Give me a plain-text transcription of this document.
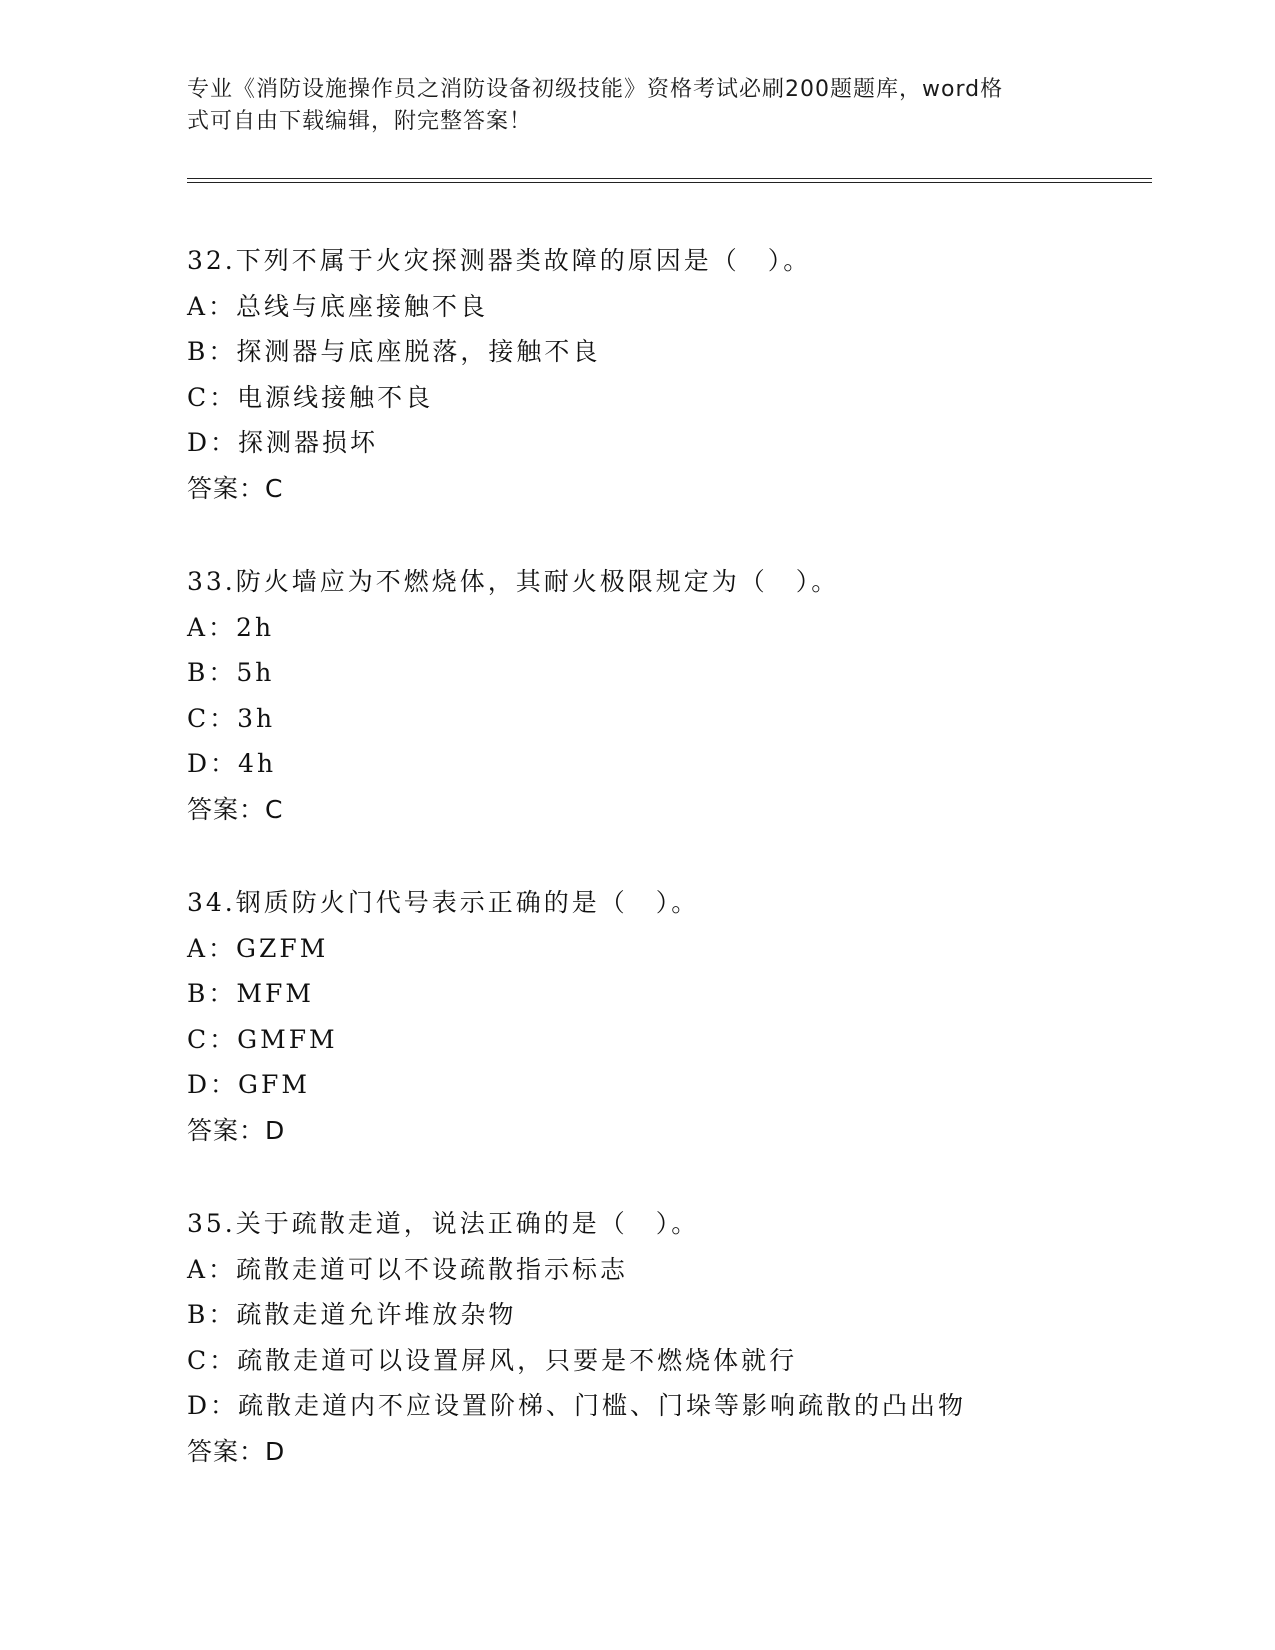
专业《消防设施操作员之消防设备初级技能》资格考试必刷200题题库，word格
式可自由下载编辑，附完整答案！
32.下列不属于火灾探测器类故障的原因是（　）。
A：总线与底座接触不良
B：探测器与底座脱落，接触不良
C：电源线接触不良
D：探测器损坏
答案：C
33.防火墙应为不燃烧体，其耐火极限规定为（　）。
A：2h
B：5h
C：3h
D：4h
答案：C
34.钢质防火门代号表示正确的是（　）。
A：GZFM
B：MFM
C：GMFM
D：GFM
答案：D
35.关于疏散走道，说法正确的是（　）。
A：疏散走道可以不设疏散指示标志
B：疏散走道允许堆放杂物
C：疏散走道可以设置屏风，只要是不燃烧体就行
D：疏散走道内不应设置阶梯、门槛、门垛等影响疏散的凸出物
答案：D
